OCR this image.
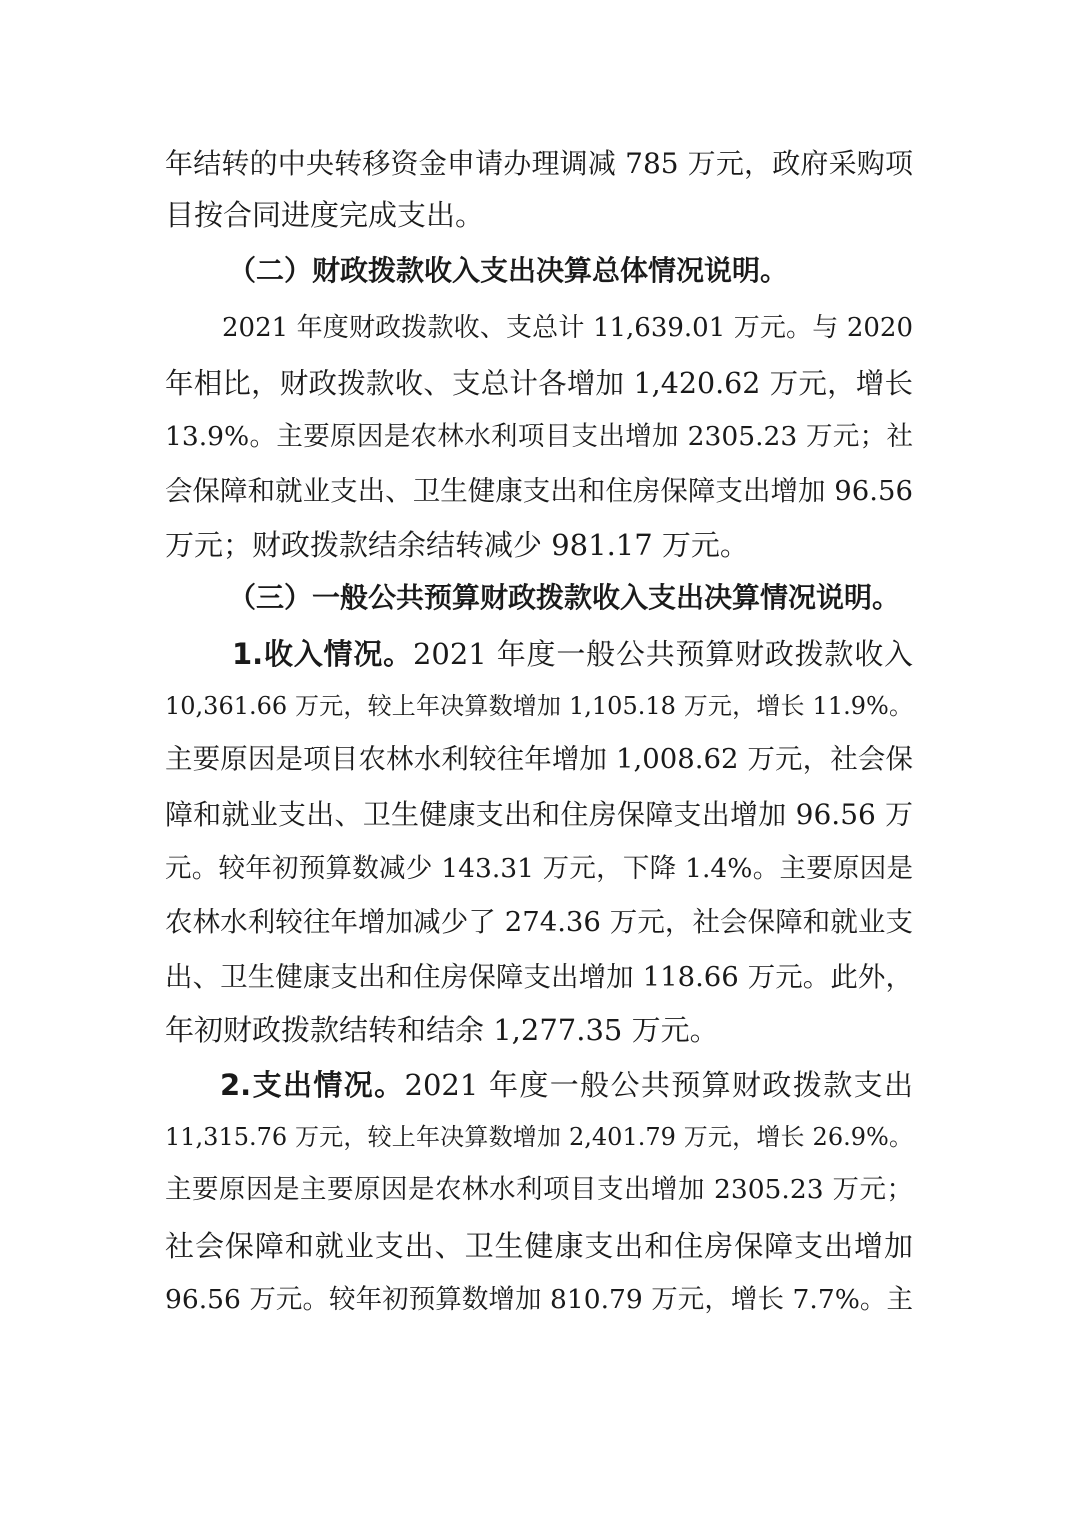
年结转的中央转移资金申请办理调减 785 万元，政府采购项
目按合同进度完成支出。
（二）财政拨款收入支出决算总体情况说明。
2021 年度财政拨款收、支总计 11,639.01 万元。与 2020
年相比，财政拨款收、支总计各增加 1,420.62 万元，增长
13.9%。主要原因是农林水利项目支出增加 2305.23 万元；社
会保障和就业支出、卫生健康支出和住房保障支出增加 96.56
万元；财政拨款结余结转减少 981.17 万元。
（三）一般公共预算财政拨款收入支出决算情况说明。
1.收入情况。2021 年度一般公共预算财政拨款收入
10,361.66 万元，较上年决算数增加 1,105.18 万元，增长 11.9%。
主要原因是项目农林水利较往年增加 1,008.62 万元，社会保
障和就业支出、卫生健康支出和住房保障支出增加 96.56 万
元。较年初预算数减少 143.31 万元，下降 1.4%。主要原因是
农林水利较往年增加减少了 274.36 万元，社会保障和就业支
出、卫生健康支出和住房保障支出增加 118.66 万元。此外，
年初财政拨款结转和结余 1,277.35 万元。
2.支出情况。2021 年度一般公共预算财政拨款支出
11,315.76 万元，较上年决算数增加 2,401.79 万元，增长 26.9%。
主要原因是主要原因是农林水利项目支出增加 2305.23 万元；
社会保障和就业支出、卫生健康支出和住房保障支出增加
96.56 万元。较年初预算数增加 810.79 万元，增长 7.7%。主
